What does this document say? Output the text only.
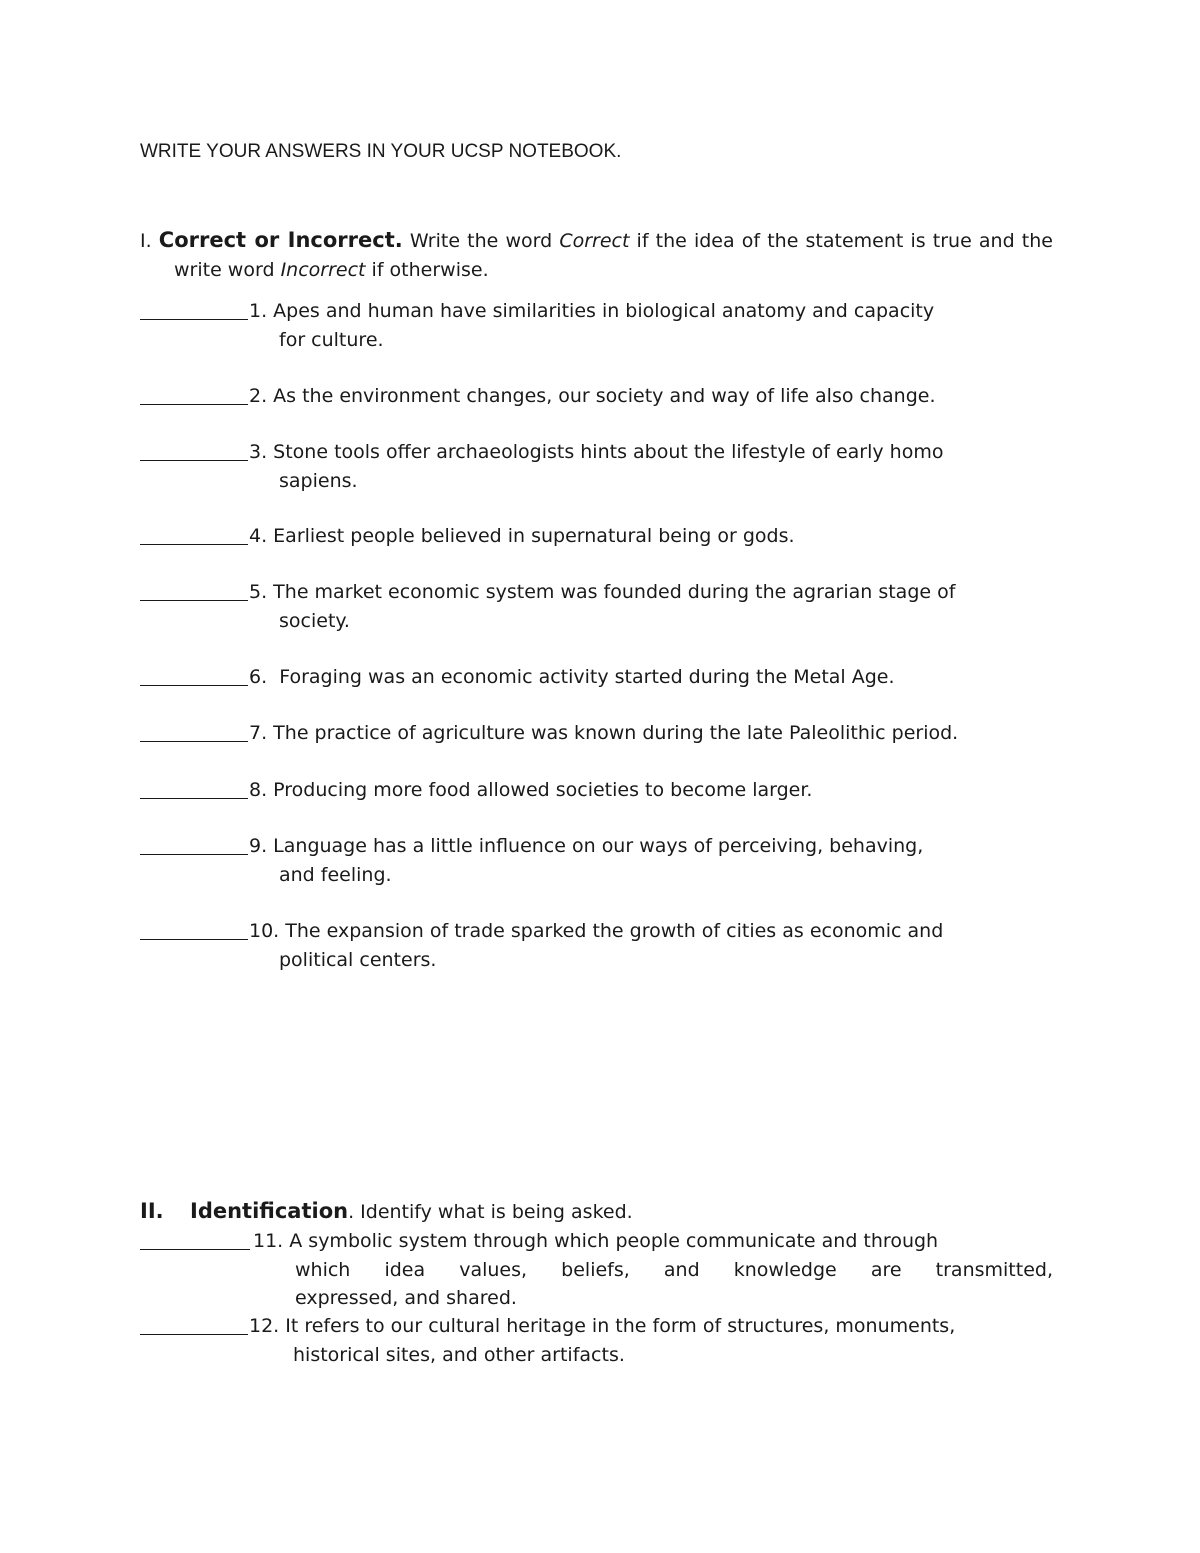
WRITE YOUR ANSWERS IN YOUR UCSP NOTEBOOK.
I. Correct or Incorrect. Write the word Correct if the idea of the statement is true and the write word Incorrect if otherwise.
1. Apes and human have similarities in biological anatomy and capacity
for culture.
2. As the environment changes, our society and way of life also change.
3. Stone tools offer archaeologists hints about the lifestyle of early homo
sapiens.
4. Earliest people believed in supernatural being or gods.
5. The market economic system was founded during the agrarian stage of
society.
6.  Foraging was an economic activity started during the Metal Age.
7. The practice of agriculture was known during the late Paleolithic period.
8. Producing more food allowed societies to become larger.
9. Language has a little influence on our ways of perceiving, behaving,
and feeling.
10. The expansion of trade sparked the growth of cities as economic and
political centers.
II. Identification. Identify what is being asked.
11. A symbolic system through which people communicate and through
which idea values, beliefs, and knowledge are transmitted,
expressed, and shared.
12. It refers to our cultural heritage in the form of structures, monuments,
historical sites, and other artifacts.
